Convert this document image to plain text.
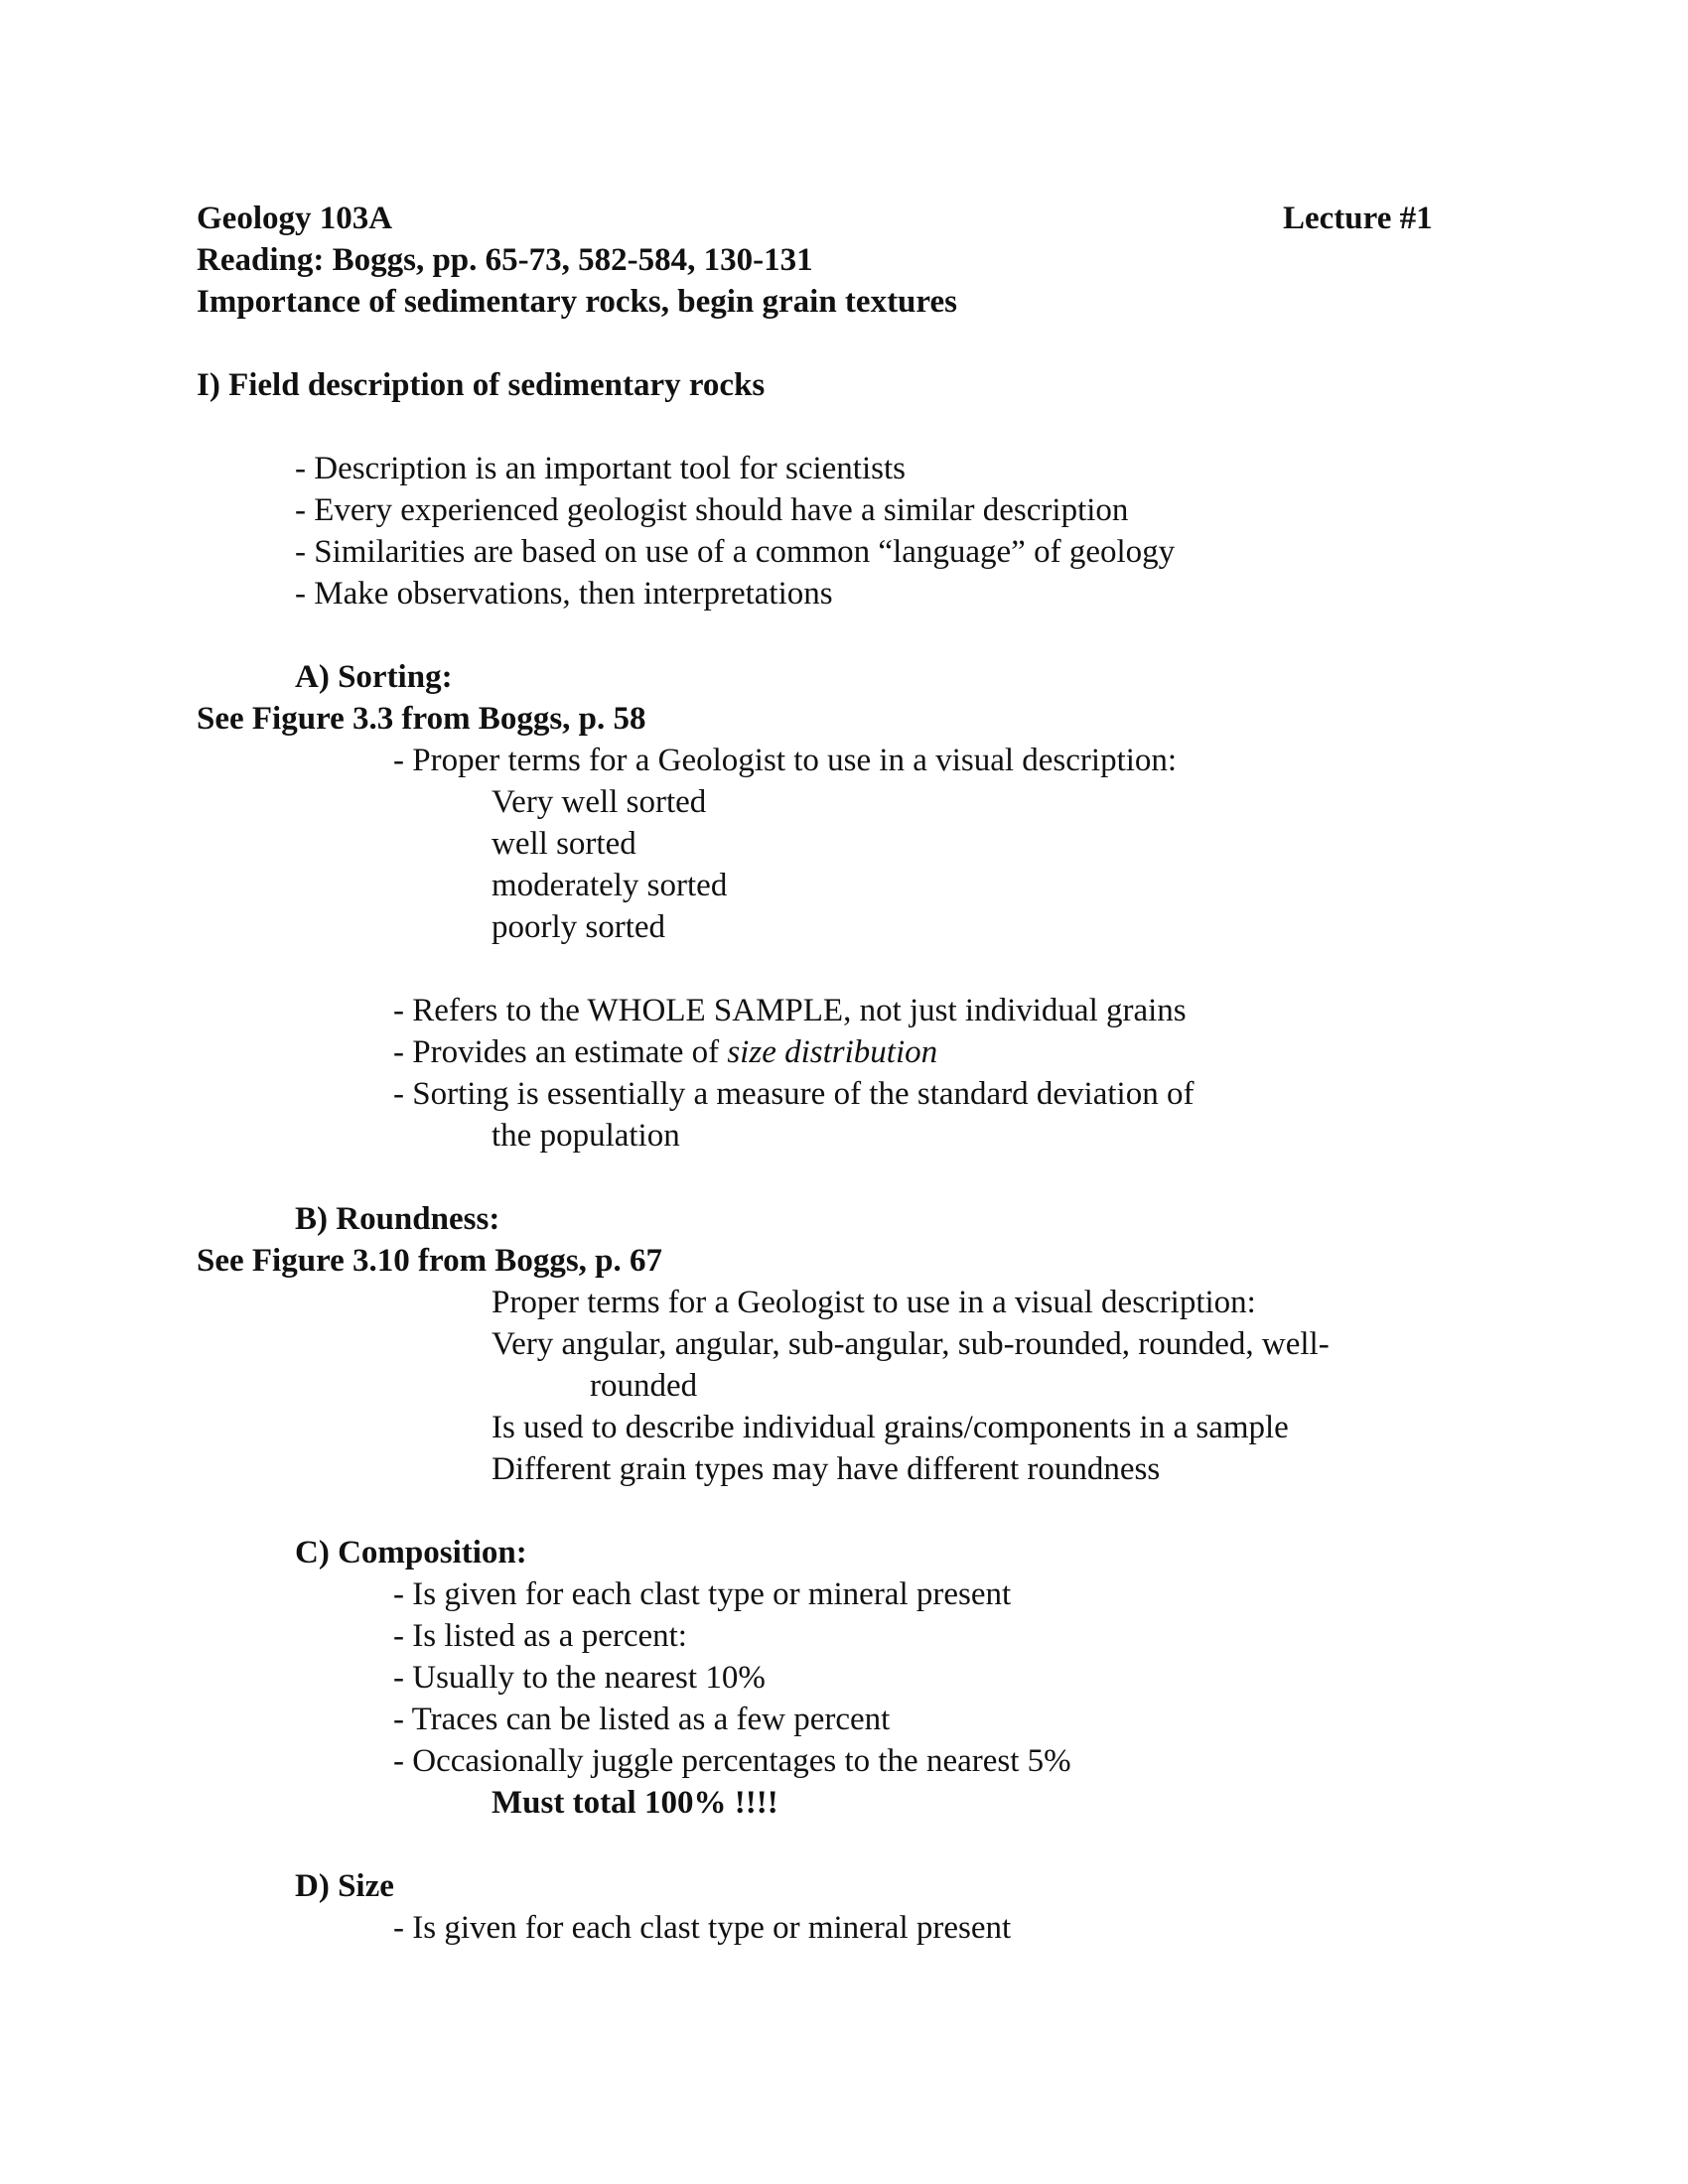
Geology 103A	Lecture #1

Reading: Boggs, pp. 65-73, 582-584, 130-131

Importance of sedimentary rocks, begin grain textures

I) Field description of sedimentary rocks

- Description is an important tool for scientists

- Every experienced geologist should have a similar description

- Similarities are based on use of a common “language” of geology

- Make observations, then interpretations

A) Sorting:

See Figure 3.3 from Boggs, p. 58

- Proper terms for a Geologist to use in a visual description:

Very well sorted

well sorted

moderately sorted

poorly sorted

- Refers to the WHOLE SAMPLE, not just individual grains

- Provides an estimate of size distribution

- Sorting is essentially a measure of the standard deviation of

the population

B) Roundness:

See Figure 3.10 from Boggs, p. 67

Proper terms for a Geologist to use in a visual description:

Very angular, angular, sub-angular, sub-rounded, rounded, well-

rounded

Is used to describe individual grains/components in a sample

Different grain types may have different roundness

C) Composition:

- Is given for each clast type or mineral present

- Is listed as a percent:

- Usually to the nearest 10%

- Traces can be listed as a few percent

- Occasionally juggle percentages to the nearest 5%

Must total 100% !!!!

D) Size

- Is given for each clast type or mineral present
